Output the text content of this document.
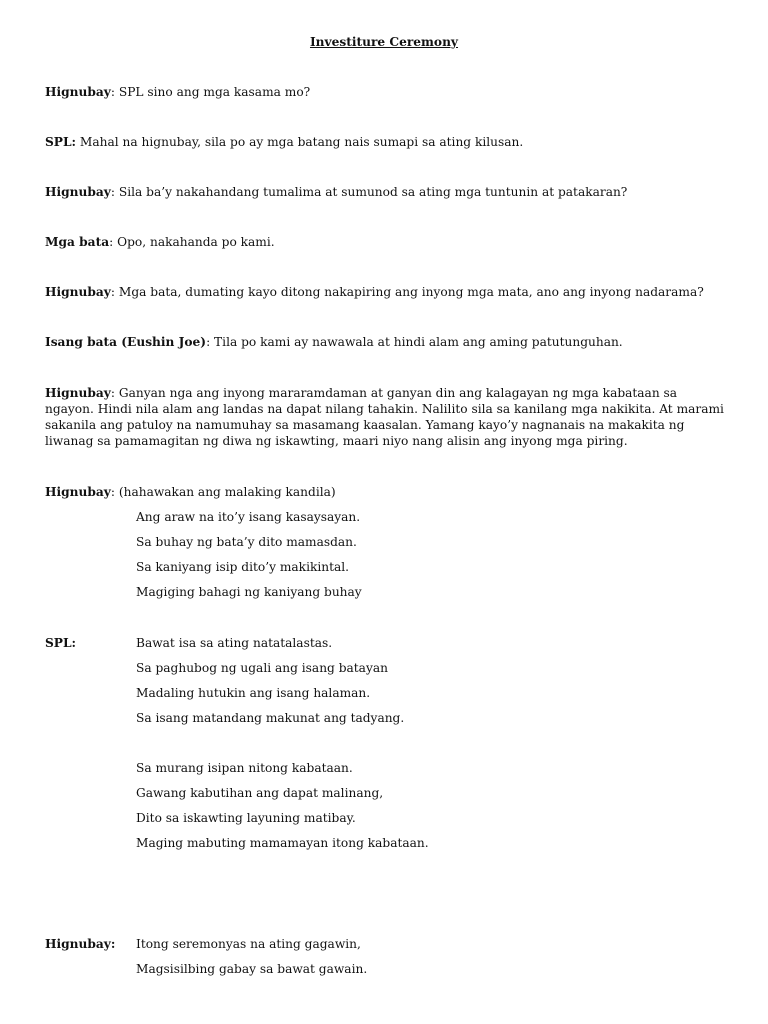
Investiture Ceremony
Hignubay: SPL sino ang mga kasama mo?
SPL: Mahal na hignubay, sila po ay mga batang nais sumapi sa ating kilusan.
Hignubay: Sila ba’y nakahandang tumalima at sumunod sa ating mga tuntunin at patakaran?
Mga bata: Opo, nakahanda po kami.
Hignubay: Mga bata, dumating kayo ditong nakapiring ang inyong mga mata, ano ang inyong nadarama?
Isang bata (Eushin Joe): Tila po kami ay nawawala at hindi alam ang aming patutunguhan.
Hignubay: Ganyan nga ang inyong mararamdaman at ganyan din ang kalagayan ng mga kabataan sa ngayon. Hindi nila alam ang landas na dapat nilang tahakin. Nalilito sila sa kanilang mga nakikita. At marami sakanila ang patuloy na namumuhay sa masamang kaasalan. Yamang kayo’y nagnanais na makakita ng liwanag sa pamamagitan ng diwa ng iskawting, maari niyo nang alisin ang inyong mga piring.
Hignubay: (hahawakan ang malaking kandila)
Ang araw na ito’y isang kasaysayan.
Sa buhay ng bata’y dito mamasdan.
Sa kaniyang isip dito’y makikintal.
Magiging bahagi ng kaniyang buhay
SPL:	Bawat isa sa ating natatalastas.
Sa paghubog ng ugali ang isang batayan
Madaling hutukin ang isang halaman.
Sa isang matandang makunat ang tadyang.
Sa murang isipan nitong kabataan.
Gawang kabutihan ang dapat malinang,
Dito sa iskawting layuning matibay.
Maging mabuting mamamayan itong kabataan.
Hignubay: Itong seremonyas na ating gagawin,
Magsisilbing gabay sa bawat gawain.
